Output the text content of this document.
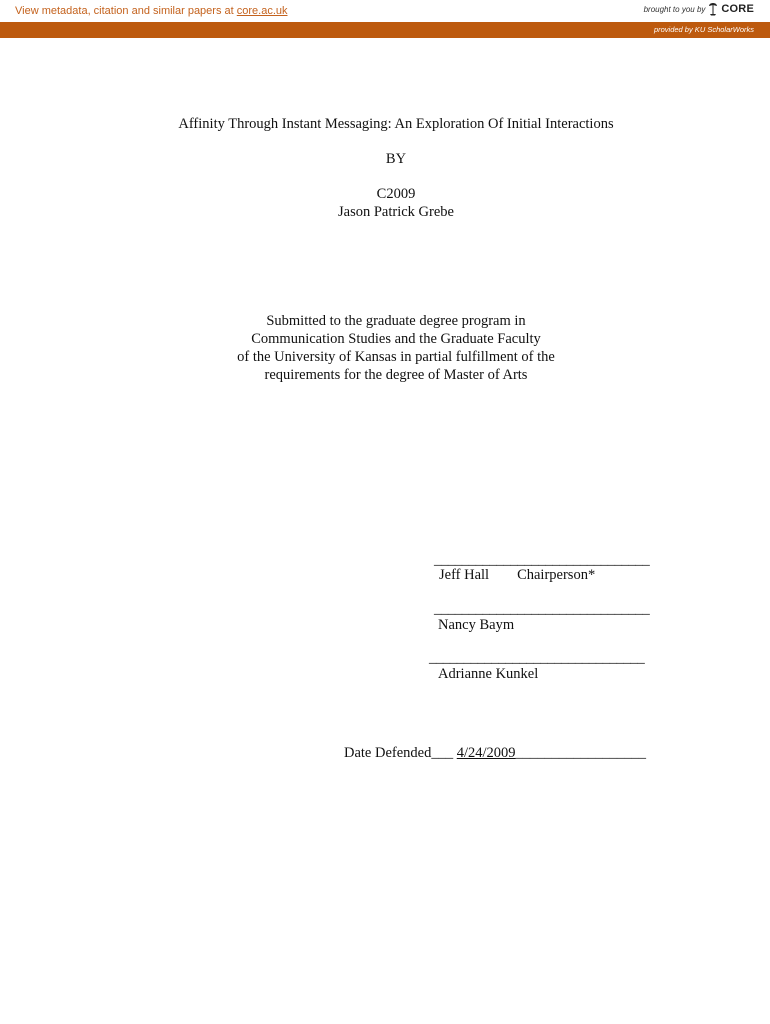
View metadata, citation and similar papers at core.ac.uk	brought to you by CORE
provided by KU ScholarWorks
Affinity Through Instant Messaging: An Exploration Of Initial Interactions
BY
C2009
Jason Patrick Grebe
Submitted to the graduate degree program in
Communication Studies and the Graduate Faculty
of the University of Kansas in partial fulfillment of the
requirements for the degree of Master of Arts
_______________________________
Jeff Hall Chairperson*
_______________________________
Nancy Baym
_______________________________
Adrianne Kunkel
Date Defended___ 4/24/2009__________________
